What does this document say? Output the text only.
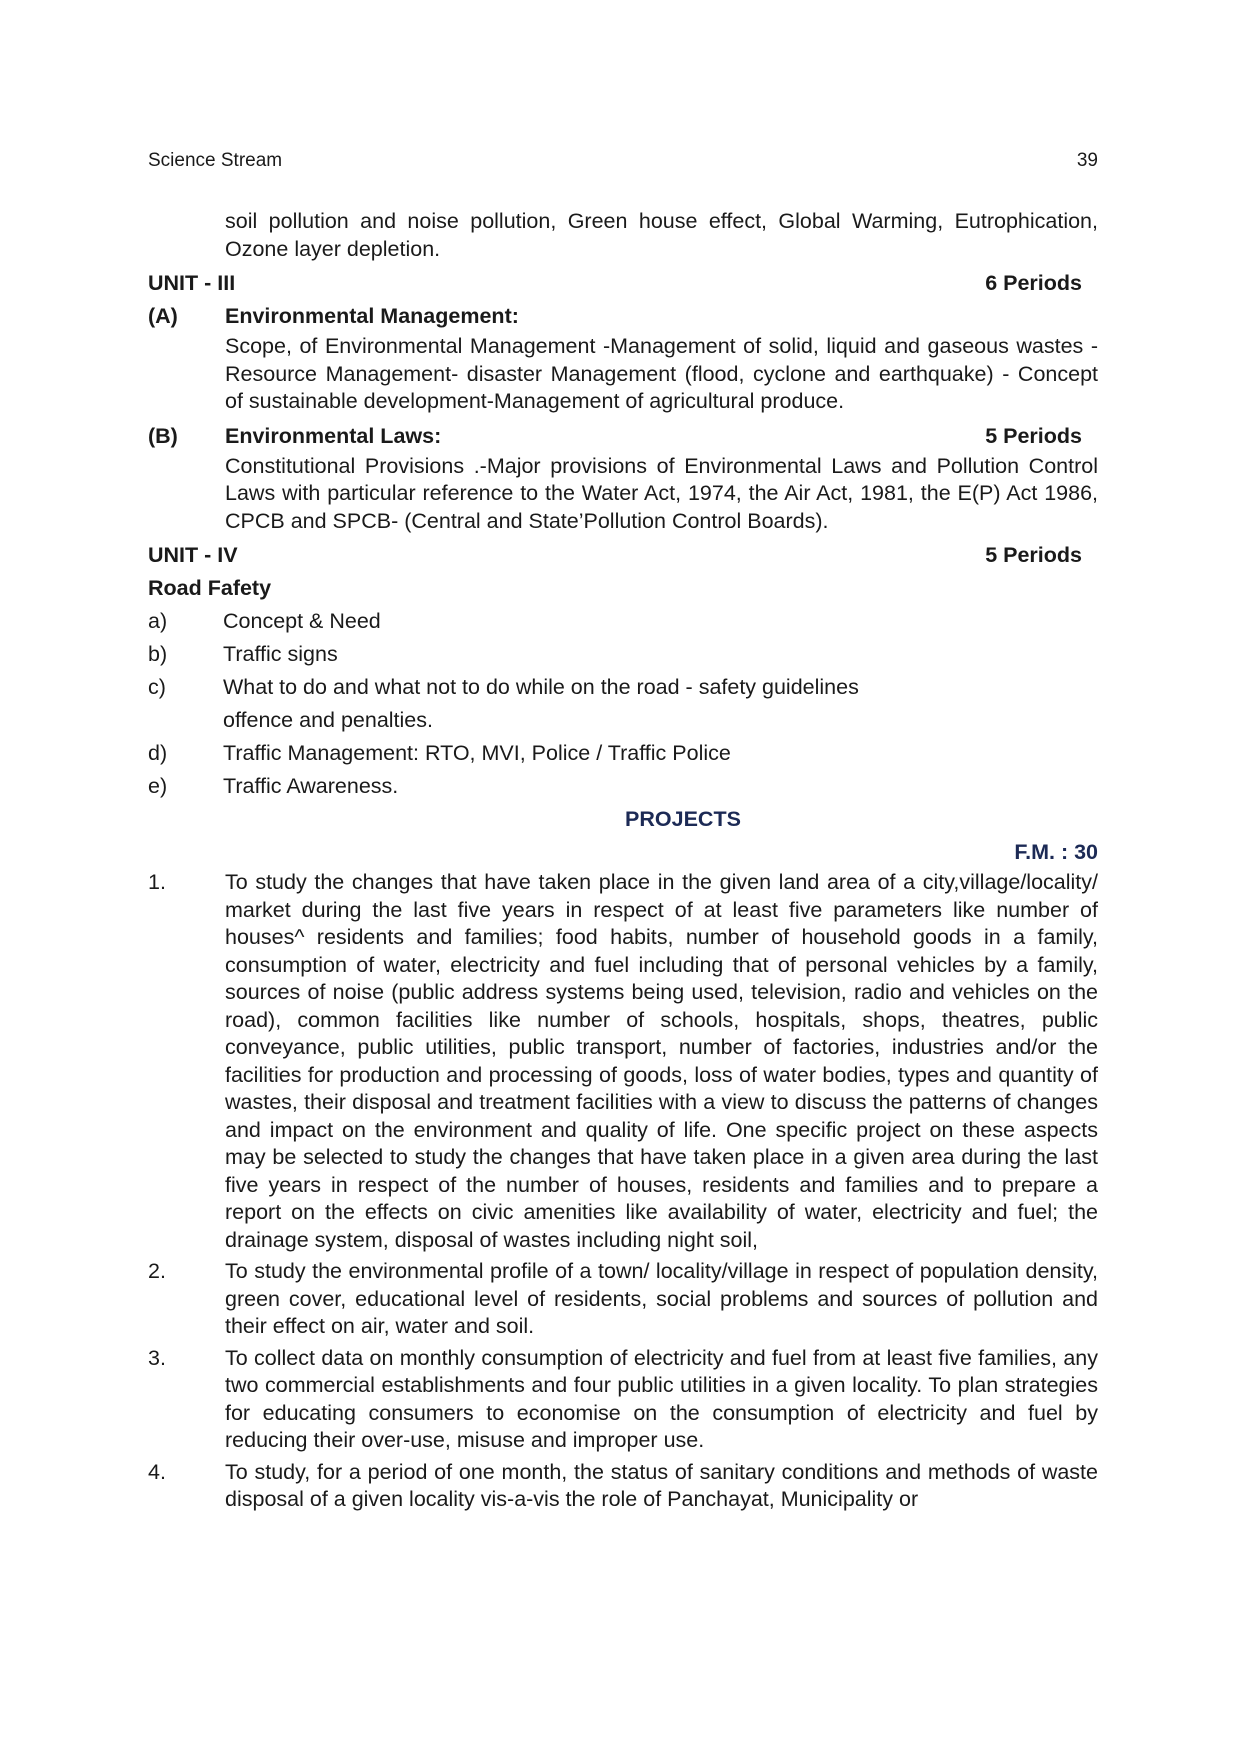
Science Stream	39
soil pollution and noise pollution, Green house effect, Global Warming, Eutrophication, Ozone layer depletion.
UNIT - III	6 Periods
(A) Environmental Management:
Scope, of Environmental Management -Management of solid, liquid and gaseous wastes - Resource Management- disaster Management (flood, cyclone and earthquake) - Concept of sustainable development-Management of agricultural produce.
(B) Environmental Laws:	5 Periods
Constitutional Provisions .-Major provisions of Environmental Laws and Pollution Control Laws with particular reference to the Water Act, 1974, the Air Act, 1981, the E(P) Act 1986, CPCB and SPCB- (Central and State’Pollution Control Boards).
UNIT - IV	5 Periods
Road Fafety
a)	Concept & Need
b)	Traffic signs
c)	What to do and what not to do while on the road - safety guidelines
offence and penalties.
d)	Traffic Management: RTO, MVI, Police / Traffic Police
e)	Traffic Awareness.
PROJECTS
F.M. : 30
1.	To study the changes that have taken place in the given land area of a city,village/locality/ market during the last five years in respect of at least five parameters like number of houses^ residents and families; food habits, number of household goods in a family, consumption of water, electricity and fuel including that of personal vehicles by a family, sources of noise (public address systems being used, television, radio and vehicles on the road), common facilities like number of schools, hospitals, shops, theatres, public conveyance, public utilities, public transport, number of factories, industries and/or the facilities for production and processing of goods, loss of water bodies, types and quantity of wastes, their disposal and treatment facilities with a view to discuss the patterns of changes and impact on the environment and quality of life. One specific project on these aspects may be selected to study the changes that have taken place in a given area during the last five years in respect of the number of houses, residents and families and to prepare a report on the effects on civic amenities like availability of water, electricity and fuel; the drainage system, disposal of wastes including night soil,
2.	To study the environmental profile of a town/ locality/village in respect of population density, green cover, educational level of residents, social problems and sources of pollution and their effect on air, water and soil.
3.	To collect data on monthly consumption of electricity and fuel from at least five families, any two commercial establishments and four public utilities in a given locality. To plan strategies for educating consumers to economise on the consumption of electricity and fuel by reducing their over-use, misuse and improper use.
4.	To study, for a period of one month, the status of sanitary conditions and methods of waste disposal of a given locality vis-a-vis the role of Panchayat, Municipality or
